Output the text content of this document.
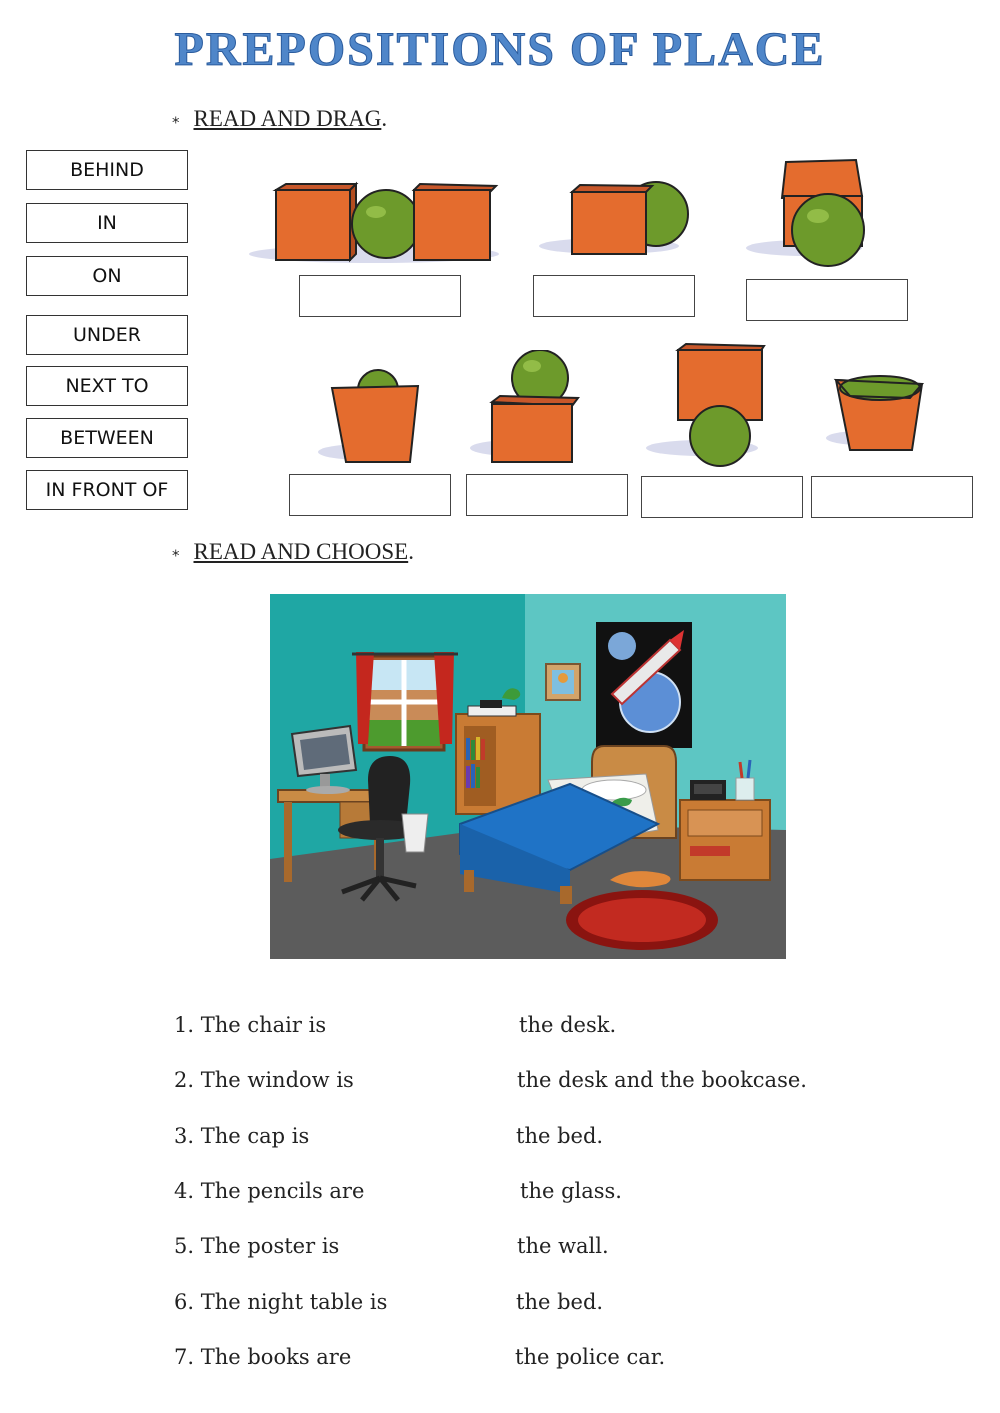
PREPOSITIONS OF PLACE
⁎ READ AND DRAG.
BEHIND
IN
ON
UNDER
NEXT TO
BETWEEN
IN FRONT OF
⁎ READ AND CHOOSE.
1. The chair is	the desk.
2. The window is	the desk and the bookcase.
3. The cap is	the bed.
4. The pencils are	the glass.
5. The poster is	the wall.
6. The night table is	the bed.
7. The books are	the police car.
